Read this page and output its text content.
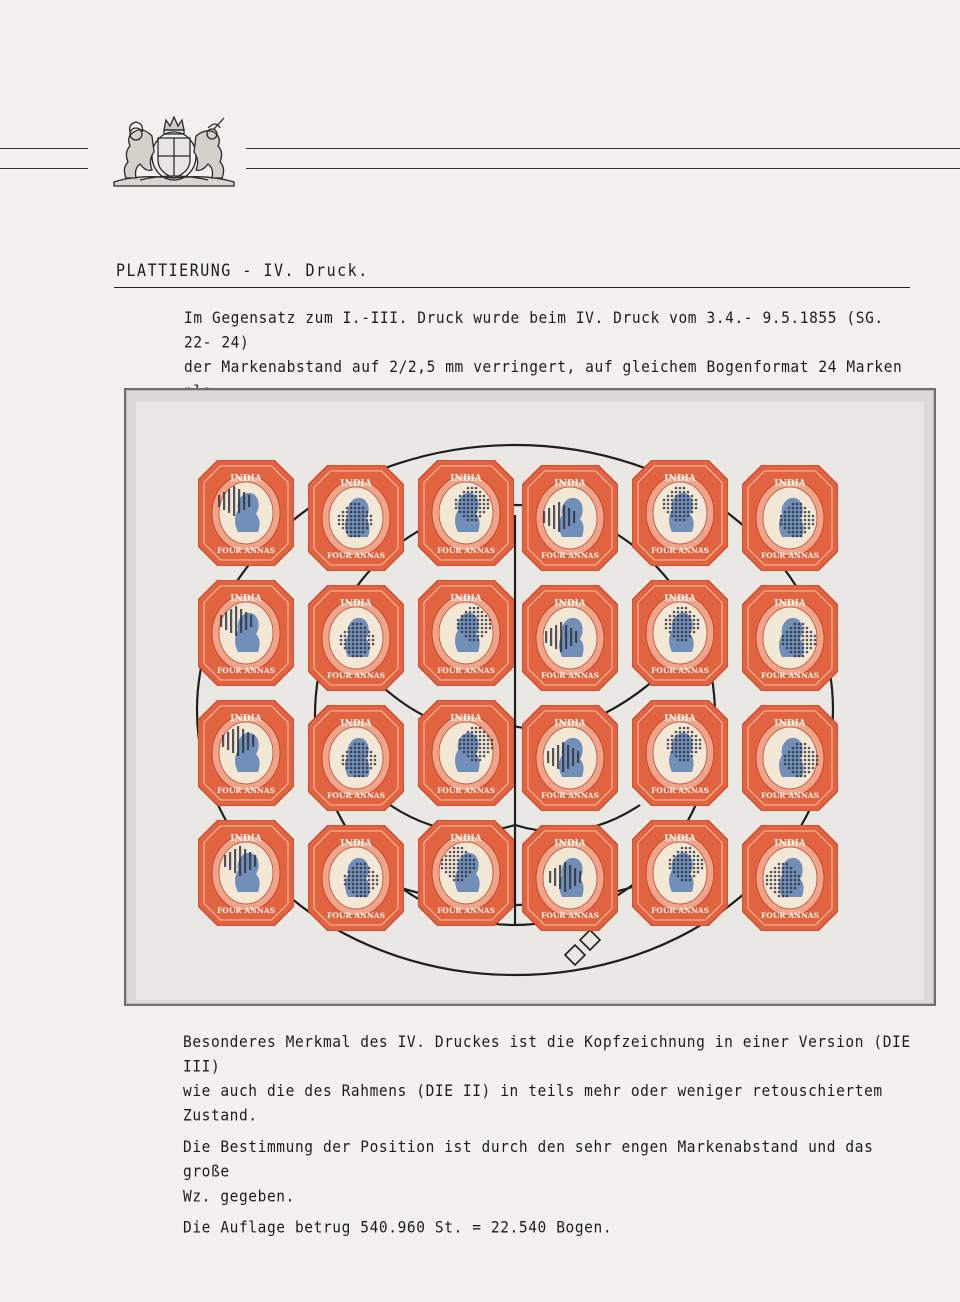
PLATTIERUNG - IV. Druck.

Im Gegensatz zum I.-III. Druck wurde beim IV. Druck vom 3.4.- 9.5.1855 (SG. 22- 24)

der Markenabstand auf 2/2,5 mm verringert, auf gleichem Bogenformat 24 Marken

INDIA
FOUR ANNAS
INDIA
FOUR ANNAS
INDIA
FOUR ANNAS
INDIA
FOUR ANNAS
INDIA
FOUR ANNAS
INDIA
FOUR ANNAS
INDIA
FOUR ANNAS
INDIA
FOUR ANNAS
INDIA
FOUR ANNAS
INDIA
FOUR ANNAS
INDIA
FOUR ANNAS
INDIA
FOUR ANNAS
INDIA
FOUR ANNAS
INDIA
FOUR ANNAS
INDIA
FOUR ANNAS
INDIA
FOUR ANNAS
INDIA
FOUR ANNAS
INDIA
FOUR ANNAS
INDIA
FOUR ANNAS
INDIA
FOUR ANNAS
INDIA
FOUR ANNAS
INDIA
FOUR ANNAS
INDIA
FOUR ANNAS
INDIA
FOUR ANNAS

Besonderes Merkmal des IV. Druckes ist die Kopfzeichnung in einer Version (DIE III)
wie auch die des Rahmens (DIE II) in teils mehr oder weniger retouschiertem Zustand.

Die Bestimmung der Position ist durch den sehr engen Markenabstand und das große
Wz. gegeben.

Die Auflage betrug 540.960 St. = 22.540 Bogen.
